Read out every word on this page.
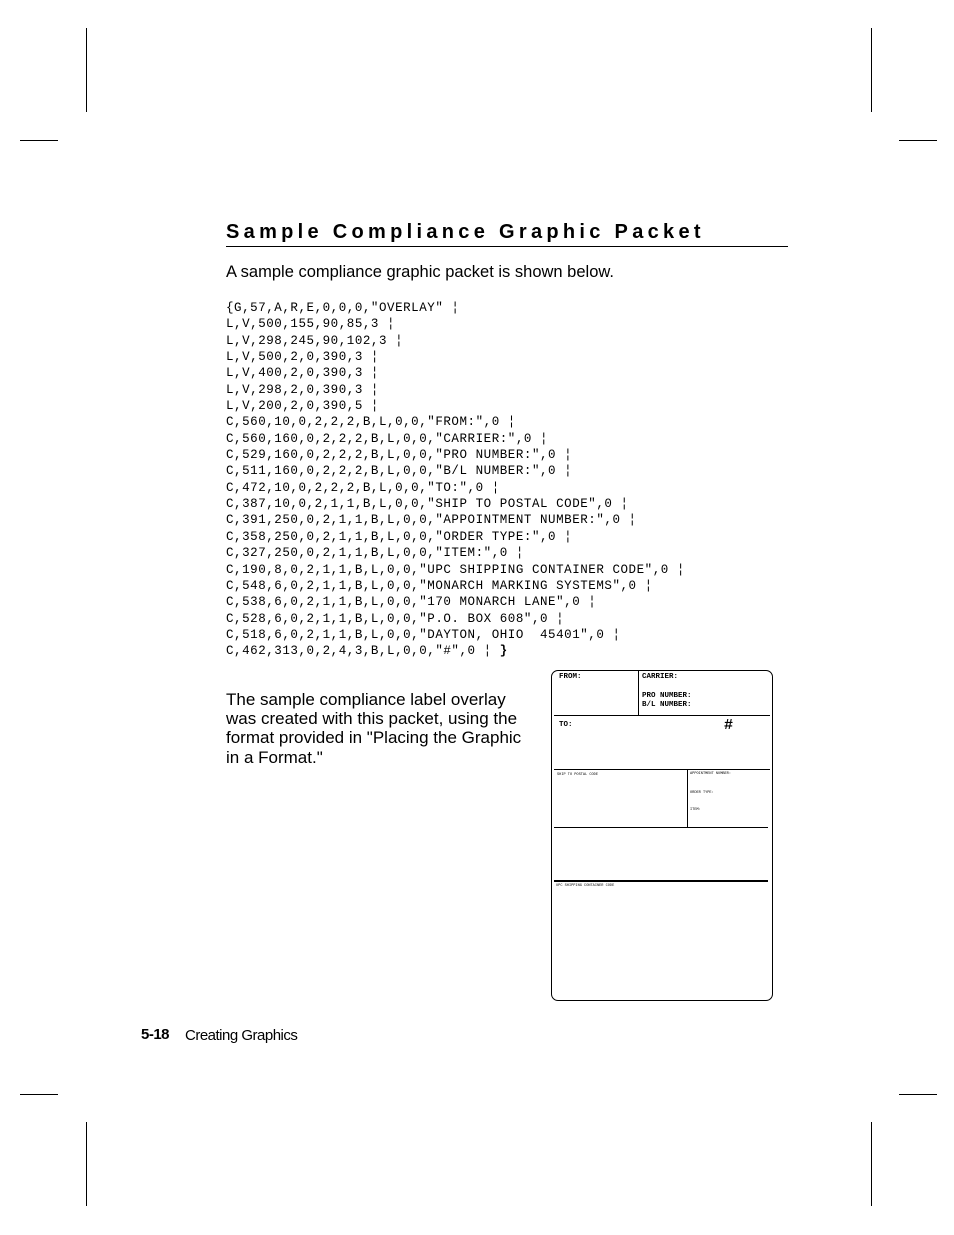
Sample Compliance Graphic Packet

A sample compliance graphic packet is shown below.

{G,57,A,R,E,0,0,0,"OVERLAY" ¦
L,V,500,155,90,85,3 ¦
L,V,298,245,90,102,3 ¦
L,V,500,2,0,390,3 ¦
L,V,400,2,0,390,3 ¦
L,V,298,2,0,390,3 ¦
L,V,200,2,0,390,5 ¦
C,560,10,0,2,2,2,B,L,0,0,"FROM:",0 ¦
C,560,160,0,2,2,2,B,L,0,0,"CARRIER:",0 ¦
C,529,160,0,2,2,2,B,L,0,0,"PRO NUMBER:",0 ¦
C,511,160,0,2,2,2,B,L,0,0,"B/L NUMBER:",0 ¦
C,472,10,0,2,2,2,B,L,0,0,"TO:",0 ¦
C,387,10,0,2,1,1,B,L,0,0,"SHIP TO POSTAL CODE",0 ¦
C,391,250,0,2,1,1,B,L,0,0,"APPOINTMENT NUMBER:",0 ¦
C,358,250,0,2,1,1,B,L,0,0,"ORDER TYPE:",0 ¦
C,327,250,0,2,1,1,B,L,0,0,"ITEM:",0 ¦
C,190,8,0,2,1,1,B,L,0,0,"UPC SHIPPING CONTAINER CODE",0 ¦
C,548,6,0,2,1,1,B,L,0,0,"MONARCH MARKING SYSTEMS",0 ¦
C,538,6,0,2,1,1,B,L,0,0,"170 MONARCH LANE",0 ¦
C,528,6,0,2,1,1,B,L,0,0,"P.O. BOX 608",0 ¦
C,518,6,0,2,1,1,B,L,0,0,"DAYTON, OHIO  45401",0 ¦
C,462,313,0,2,4,3,B,L,0,0,"#",0 ¦ }

The sample compliance label overlay was created with this packet, using the format provided in "Placing the Graphic in a Format."

FROM:	CARRIER:
PRO NUMBER:
B/L NUMBER:
TO:	#
SHIP TO POSTAL CODE	APPOINTMENT NUMBER:
ORDER TYPE:
ITEM:
UPC SHIPPING CONTAINER CODE
5-18 Creating Graphics
